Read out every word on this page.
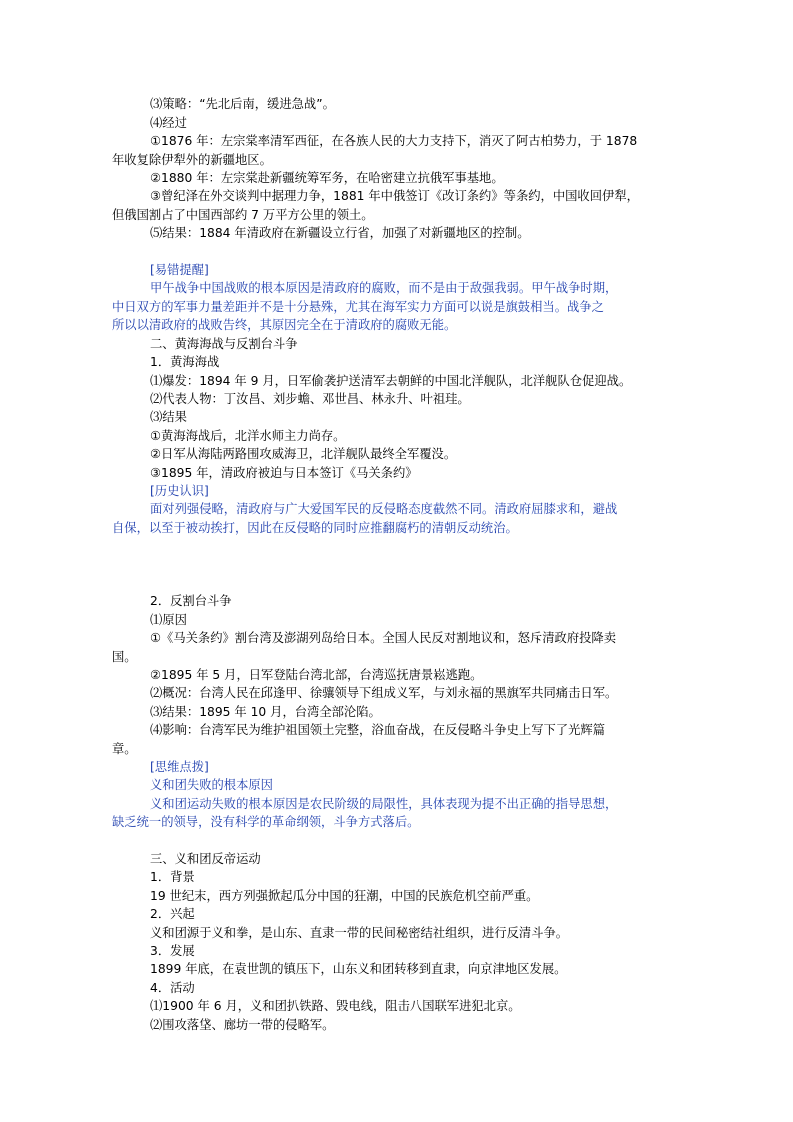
⑶策略：“先北后南，缓进急战”。
⑷经过
①1876 年：左宗棠率清军西征，在各族人民的大力支持下，消灭了阿古柏势力，于 1878
年收复除伊犁外的新疆地区。
②1880 年：左宗棠赴新疆统筹军务，在哈密建立抗俄军事基地。
③曾纪泽在外交谈判中据理力争，1881 年中俄签订《改订条约》等条约，中国收回伊犁，
但俄国割占了中国西部约 7 万平方公里的领土。
⑸结果：1884 年清政府在新疆设立行省，加强了对新疆地区的控制。
[易错提醒]
甲午战争中国战败的根本原因是清政府的腐败，而不是由于敌强我弱。甲午战争时期，
中日双方的军事力量差距并不是十分悬殊，尤其在海军实力方面可以说是旗鼓相当。战争之
所以以清政府的战败告终，其原因完全在于清政府的腐败无能。
二、黄海海战与反割台斗争
1．黄海海战
⑴爆发：1894 年 9 月，日军偷袭护送清军去朝鲜的中国北洋舰队，北洋舰队仓促迎战。
⑵代表人物：丁汝昌、刘步蟾、邓世昌、林永升、叶祖珪。
⑶结果
①黄海海战后，北洋水师主力尚存。
②日军从海陆两路围攻威海卫，北洋舰队最终全军覆没。
③1895 年，清政府被迫与日本签订《马关条约》
[历史认识]
面对列强侵略，清政府与广大爱国军民的反侵略态度截然不同。清政府屈膝求和，避战
自保，以至于被动挨打，因此在反侵略的同时应推翻腐朽的清朝反动统治。
2．反割台斗争
⑴原因
①《马关条约》割台湾及澎湖列岛给日本。全国人民反对割地议和，怒斥清政府投降卖
国。
②1895 年 5 月，日军登陆台湾北部，台湾巡抚唐景崧逃跑。
⑵概况：台湾人民在邱逢甲、徐骧领导下组成义军，与刘永福的黑旗军共同痛击日军。
⑶结果：1895 年 10 月，台湾全部沦陷。
⑷影响：台湾军民为维护祖国领土完整，浴血奋战，在反侵略斗争史上写下了光辉篇
章。
[思维点拨]
义和团失败的根本原因
义和团运动失败的根本原因是农民阶级的局限性，具体表现为提不出正确的指导思想，
缺乏统一的领导，没有科学的革命纲领，斗争方式落后。
三、义和团反帝运动
1．背景
19 世纪末，西方列强掀起瓜分中国的狂潮，中国的民族危机空前严重。
2．兴起
义和团源于义和拳，是山东、直隶一带的民间秘密结社组织，进行反清斗争。
3．发展
1899 年底，在袁世凯的镇压下，山东义和团转移到直隶，向京津地区发展。
4．活动
⑴1900 年 6 月，义和团扒铁路、毁电线，阻击八国联军进犯北京。
⑵围攻落垡、廊坊一带的侵略军。
